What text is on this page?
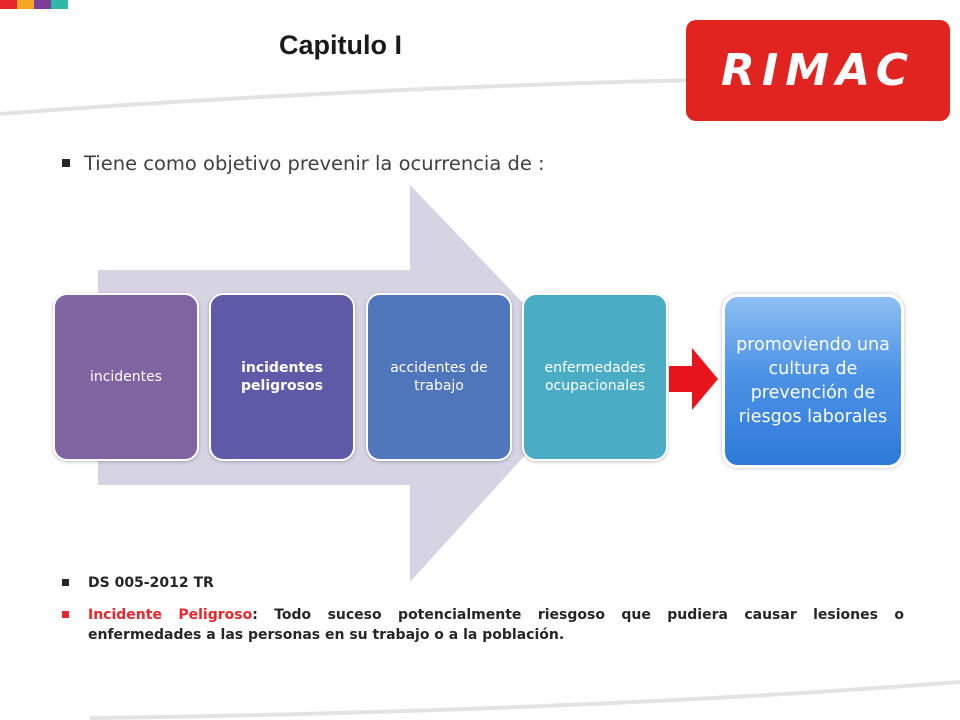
Capitulo I	RIMAC
Tiene como objetivo prevenir la ocurrencia de :
incidentes
incidentes peligrosos
accidentes de trabajo
enfermedades ocupacionales
promoviendo una cultura de prevención de riesgos laborales
DS 005-2012 TR
Incidente Peligroso: Todo suceso potencialmente riesgoso que pudiera causar lesiones o enfermedades a las personas en su trabajo o a la población.
